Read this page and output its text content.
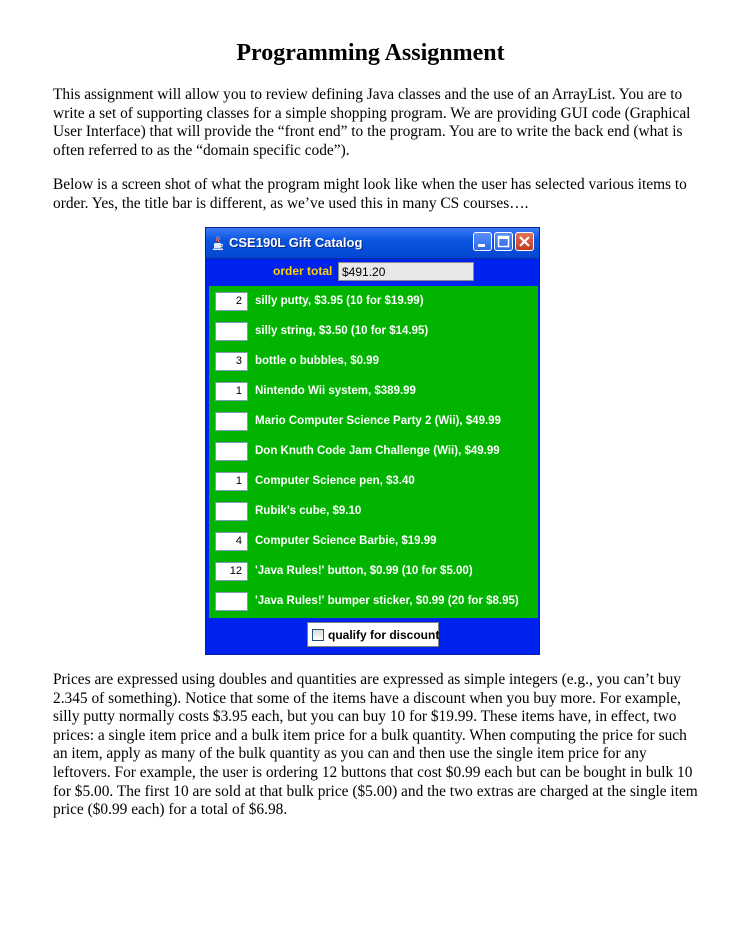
Programming Assignment
This assignment will allow you to review defining Java classes and the use of an ArrayList. You are to write a set of supporting classes for a simple shopping program. We are providing GUI code (Graphical User Interface) that will provide the “front end” to the program. You are to write the back end (what is often referred to as the “domain specific code”).
Below is a screen shot of what the program might look like when the user has selected various items to order. Yes, the title bar is different, as we’ve used this in many CS courses….
CSE190L Gift Catalog
order total $491.20
2	silly putty, $3.95 (10 for $19.99)
silly string, $3.50 (10 for $14.95)
3	bottle o bubbles, $0.99
1	Nintendo Wii system, $389.99
Mario Computer Science Party 2 (Wii), $49.99
Don Knuth Code Jam Challenge (Wii), $49.99
1	Computer Science pen, $3.40
Rubik's cube, $9.10
4	Computer Science Barbie, $19.99
12	'Java Rules!' button, $0.99 (10 for $5.00)
'Java Rules!' bumper sticker, $0.99 (20 for $8.95)
qualify for discount
Prices are expressed using doubles and quantities are expressed as simple integers (e.g., you can’t buy 2.345 of something). Notice that some of the items have a discount when you buy more. For example, silly putty normally costs $3.95 each, but you can buy 10 for $19.99. These items have, in effect, two prices: a single item price and a bulk item price for a bulk quantity. When computing the price for such an item, apply as many of the bulk quantity as you can and then use the single item price for any leftovers. For example, the user is ordering 12 buttons that cost $0.99 each but can be bought in bulk 10 for $5.00. The first 10 are sold at that bulk price ($5.00) and the two extras are charged at the single item price ($0.99 each) for a total of $6.98.
